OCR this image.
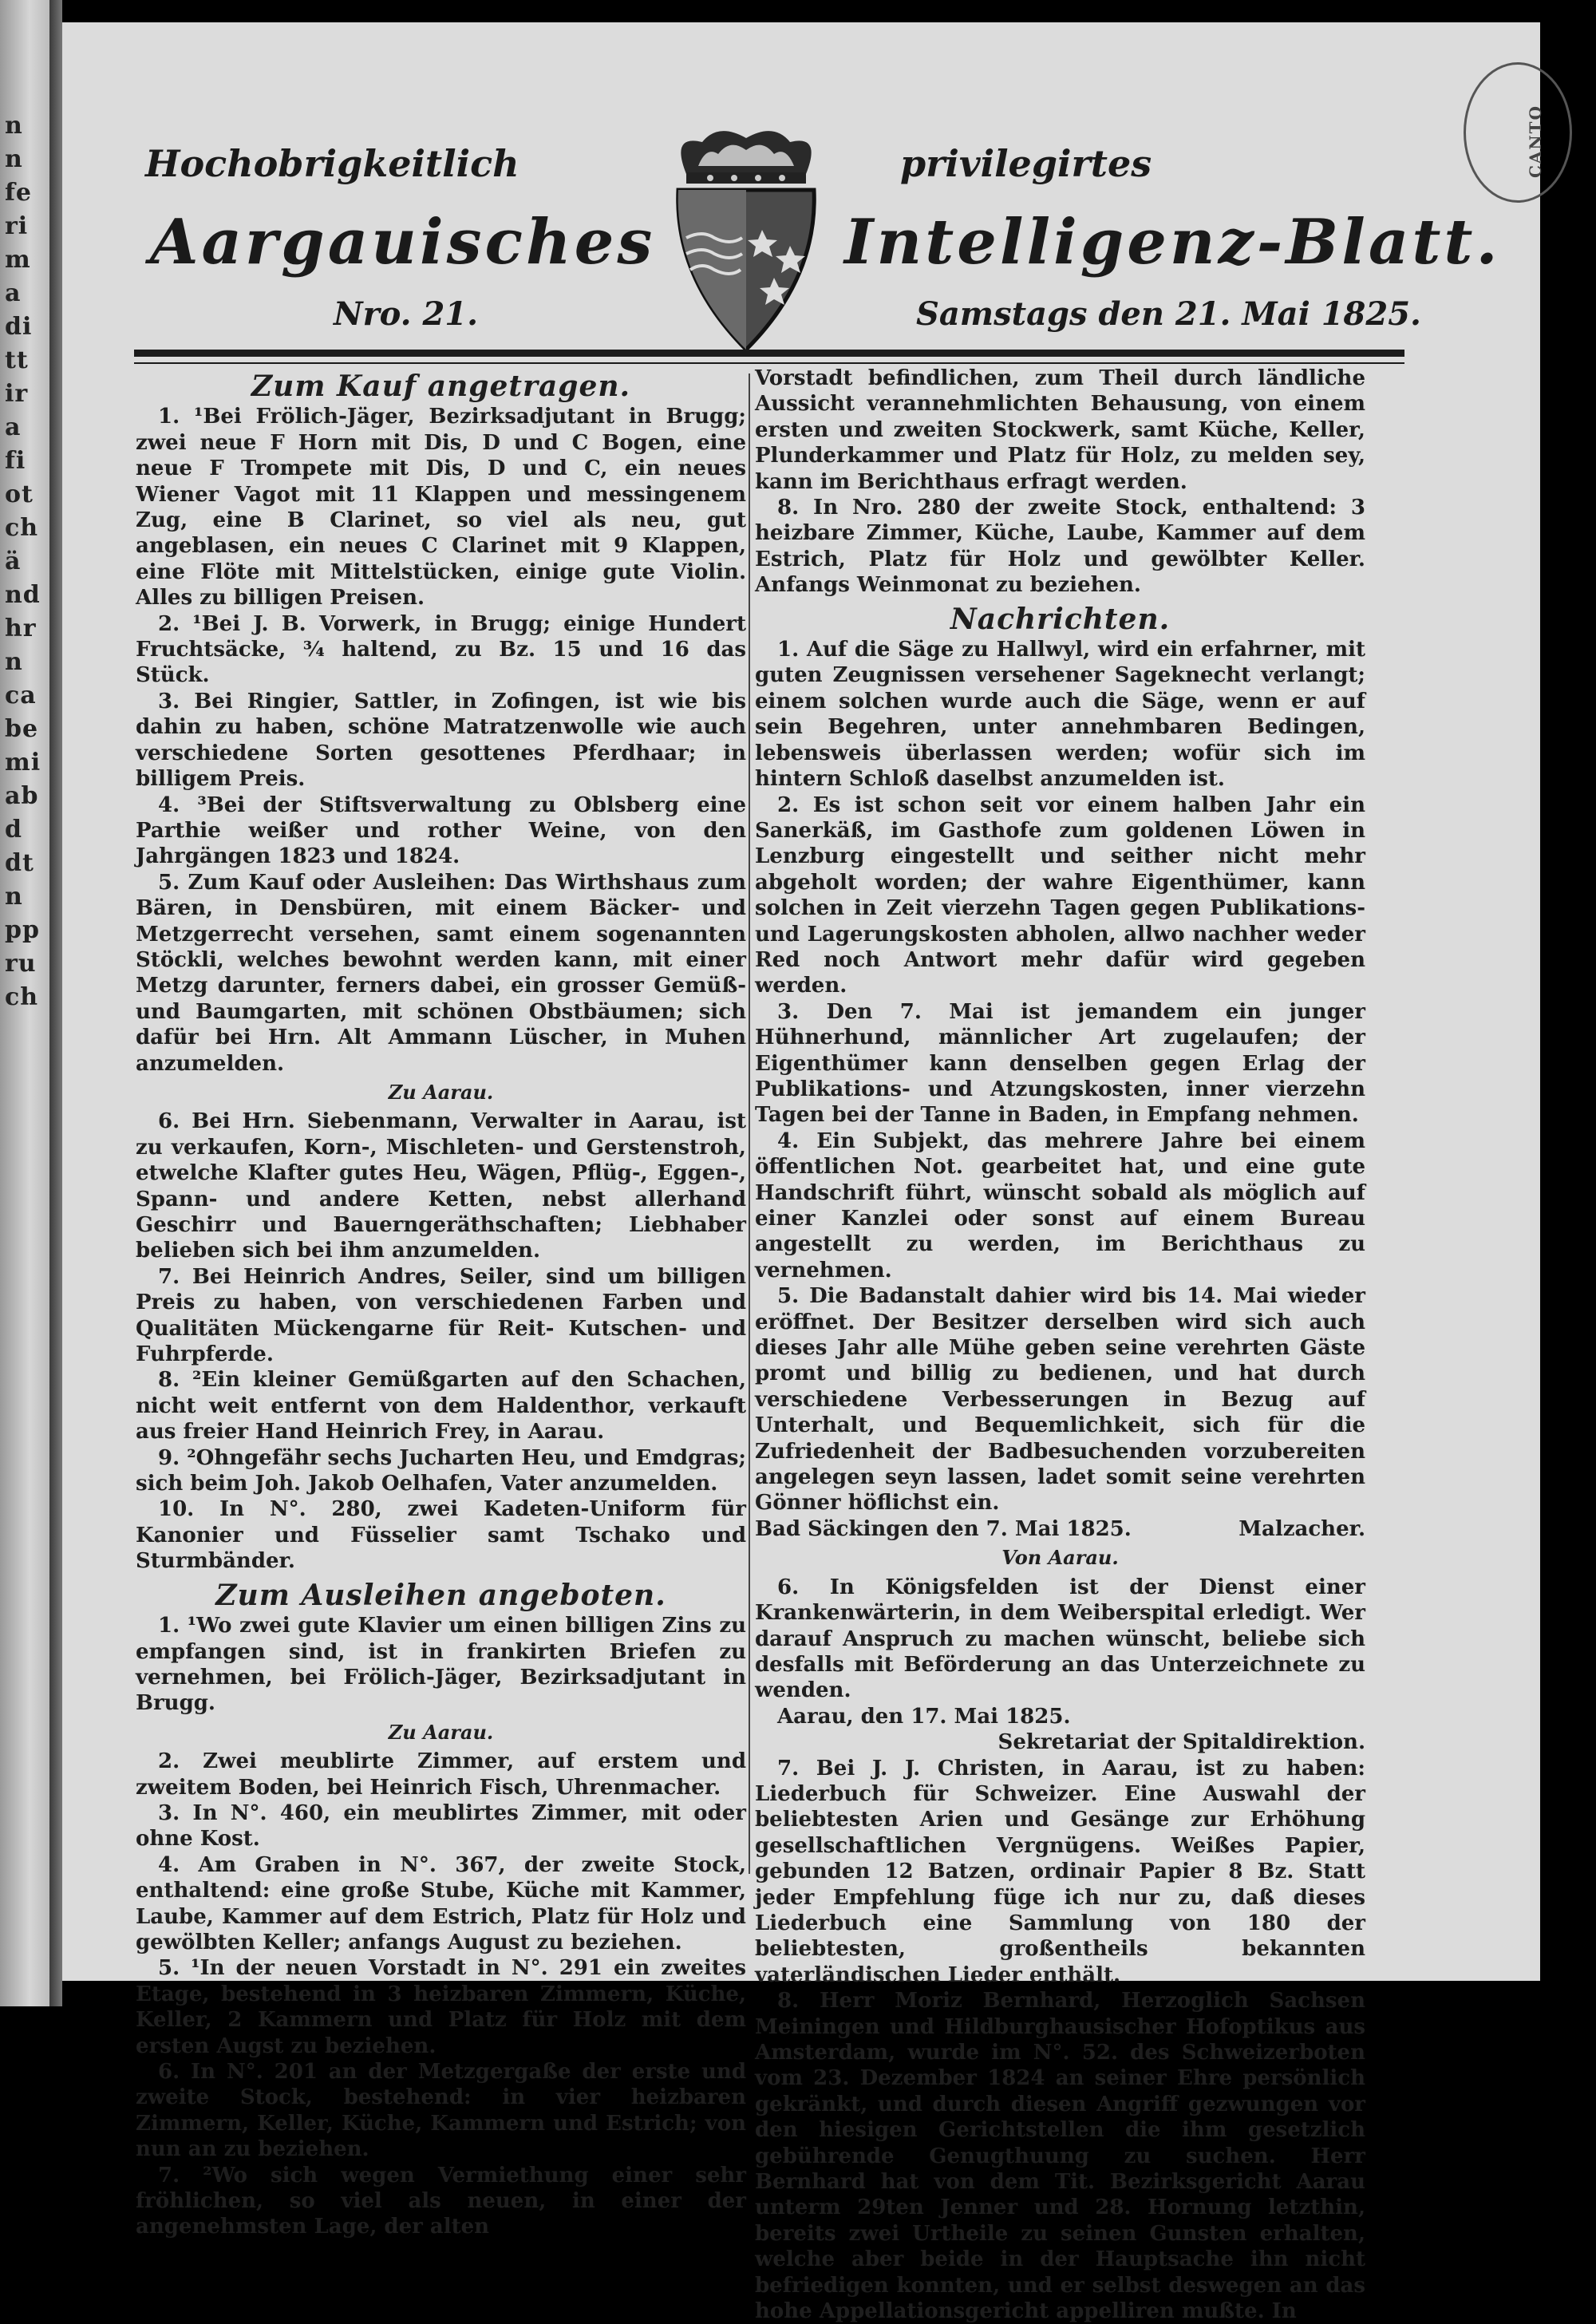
n
n
fe
ri
m
a
di
tt
ir
a
fi
ot
ch
ä
nd
hr
n
ca
be
mi
ab
d
dt
n
pp
ru
ch
CANTO
Hochobrigkeitlich	privilegirtes
Aargauisches	Intelligenz-Blatt.
Nro. 21.	Samstags den 21. Mai 1825.

Zum Kauf angetragen.

1. ¹Bei Frölich-Jäger, Bezirksadjutant in Brugg; zwei neue F Horn mit Dis, D und C Bogen, eine neue F Trompete mit Dis, D und C, ein neues Wiener Vagot mit 11 Klappen und messingenem Zug, eine B Clarinet, so viel als neu, gut angeblasen, ein neues C Clarinet mit 9 Klappen, eine Flöte mit Mittelstücken, einige gute Violin. Alles zu billigen Preisen.

2. ¹Bei J. B. Vorwerk, in Brugg; einige Hundert Fruchtsäcke, ¾ haltend, zu Bz. 15 und 16 das Stück.

3. Bei Ringier, Sattler, in Zofingen, ist wie bis dahin zu haben, schöne Matratzenwolle wie auch verschiedene Sorten gesottenes Pferdhaar; in billigem Preis.

4. ³Bei der Stiftsverwaltung zu Oblsberg eine Parthie weißer und rother Weine, von den Jahrgängen 1823 und 1824.

5. Zum Kauf oder Ausleihen: Das Wirthshaus zum Bären, in Densbüren, mit einem Bäcker- und Metzgerrecht versehen, samt einem sogenannten Stöckli, welches bewohnt werden kann, mit einer Metzg darunter, ferners dabei, ein grosser Gemüß- und Baumgarten, mit schönen Obstbäumen; sich dafür bei Hrn. Alt Ammann Lüscher, in Muhen anzumelden.

Zu Aarau.

6. Bei Hrn. Siebenmann, Verwalter in Aarau, ist zu verkaufen, Korn-, Mischleten- und Gerstenstroh, etwelche Klafter gutes Heu, Wägen, Pflüg-, Eggen-, Spann- und andere Ketten, nebst allerhand Geschirr und Bauerngeräthschaften; Liebhaber belieben sich bei ihm anzumelden.

7. Bei Heinrich Andres, Seiler, sind um billigen Preis zu haben, von verschiedenen Farben und Qualitäten Mückengarne für Reit- Kutschen- und Fuhrpferde.

8. ²Ein kleiner Gemüßgarten auf den Schachen, nicht weit entfernt von dem Haldenthor, verkauft aus freier Hand Heinrich Frey, in Aarau.

9. ²Ohngefähr sechs Jucharten Heu, und Emdgras; sich beim Joh. Jakob Oelhafen, Vater anzumelden.

10. In N°. 280, zwei Kadeten-Uniform für Kanonier und Füsselier samt Tschako und Sturmbänder.

Zum Ausleihen angeboten.

1. ¹Wo zwei gute Klavier um einen billigen Zins zu empfangen sind, ist in frankirten Briefen zu vernehmen, bei Frölich-Jäger, Bezirksadjutant in Brugg.

Zu Aarau.

2. Zwei meublirte Zimmer, auf erstem und zweitem Boden, bei Heinrich Fisch, Uhrenmacher.

3. In N°. 460, ein meublirtes Zimmer, mit oder ohne Kost.

4. Am Graben in N°. 367, der zweite Stock, enthaltend: eine große Stube, Küche mit Kammer, Laube, Kammer auf dem Estrich, Platz für Holz und gewölbten Keller; anfangs August zu beziehen.

5. ¹In der neuen Vorstadt in N°. 291 ein zweites Etage, bestehend in 3 heizbaren Zimmern, Küche, Keller, 2 Kammern und Platz für Holz mit dem ersten Augst zu beziehen.

6. In N°. 201 an der Metzgergaße der erste und zweite Stock, bestehend: in vier heizbaren Zimmern, Keller, Küche, Kammern und Estrich; von nun an zu beziehen.

7. ²Wo sich wegen Vermiethung einer sehr fröhlichen, so viel als neuen, in einer der angenehmsten Lage, der alten

Vorstadt befindlichen, zum Theil durch ländliche Aussicht verannehmlichten Behausung, von einem ersten und zweiten Stockwerk, samt Küche, Keller, Plunderkammer und Platz für Holz, zu melden sey, kann im Berichthaus erfragt werden.

8. In Nro. 280 der zweite Stock, enthaltend: 3 heizbare Zimmer, Küche, Laube, Kammer auf dem Estrich, Platz für Holz und gewölbter Keller. Anfangs Weinmonat zu beziehen.

Nachrichten.

1. Auf die Säge zu Hallwyl, wird ein erfahrner, mit guten Zeugnissen versehener Sageknecht verlangt; einem solchen wurde auch die Säge, wenn er auf sein Begehren, unter annehmbaren Bedingen, lebensweis überlassen werden; wofür sich im hintern Schloß daselbst anzumelden ist.

2. Es ist schon seit vor einem halben Jahr ein Sanerkäß, im Gasthofe zum goldenen Löwen in Lenzburg eingestellt und seither nicht mehr abgeholt worden; der wahre Eigenthümer, kann solchen in Zeit vierzehn Tagen gegen Publikations- und Lagerungskosten abholen, allwo nachher weder Red noch Antwort mehr dafür wird gegeben werden.

3. Den 7. Mai ist jemandem ein junger Hühnerhund, männlicher Art zugelaufen; der Eigenthümer kann denselben gegen Erlag der Publikations- und Atzungskosten, inner vierzehn Tagen bei der Tanne in Baden, in Empfang nehmen.

4. Ein Subjekt, das mehrere Jahre bei einem öffentlichen Not. gearbeitet hat, und eine gute Handschrift führt, wünscht sobald als möglich auf einer Kanzlei oder sonst auf einem Bureau angestellt zu werden, im Berichthaus zu vernehmen.

5. Die Badanstalt dahier wird bis 14. Mai wieder eröffnet. Der Besitzer derselben wird sich auch dieses Jahr alle Mühe geben seine verehrten Gäste promt und billig zu bedienen, und hat durch verschiedene Verbesserungen in Bezug auf Unterhalt, und Bequemlichkeit, sich für die Zufriedenheit der Badbesuchenden vorzubereiten angelegen seyn lassen, ladet somit seine verehrten Gönner höflichst ein.

Bad Säckingen den 7. Mai 1825.	Malzacher.

Von Aarau.

6. In Königsfelden ist der Dienst einer Krankenwärterin, in dem Weiberspital erledigt. Wer darauf Anspruch zu machen wünscht, beliebe sich desfalls mit Beförderung an das Unterzeichnete zu wenden.

Aarau, den 17. Mai 1825.

Sekretariat der Spitaldirektion.

7. Bei J. J. Christen, in Aarau, ist zu haben: Liederbuch für Schweizer. Eine Auswahl der beliebtesten Arien und Gesänge zur Erhöhung gesellschaftlichen Vergnügens. Weißes Papier, gebunden 12 Batzen, ordinair Papier 8 Bz. Statt jeder Empfehlung füge ich nur zu, daß dieses Liederbuch eine Sammlung von 180 der beliebtesten, großentheils bekannten vaterländischen Lieder enthält.

8. Herr Moriz Bernhard, Herzoglich Sachsen Meiningen und Hildburghausischer Hofoptikus aus Amsterdam, wurde im N°. 52. des Schweizerboten vom 23. Dezember 1824 an seiner Ehre persönlich gekränkt, und durch diesen Angriff gezwungen vor den hiesigen Gerichtstellen die ihm gesetzlich gebührende Genugthuung zu suchen. Herr Bernhard hat von dem Tit. Bezirksgericht Aarau unterm 29ten Jenner und 28. Hornung letzthin, bereits zwei Urtheile zu seinen Gunsten erhalten, welche aber beide in der Hauptsache ihn nicht befriedigen konnten, und er selbst deswegen an das hohe Appellationsgericht appelliren mußte. In
